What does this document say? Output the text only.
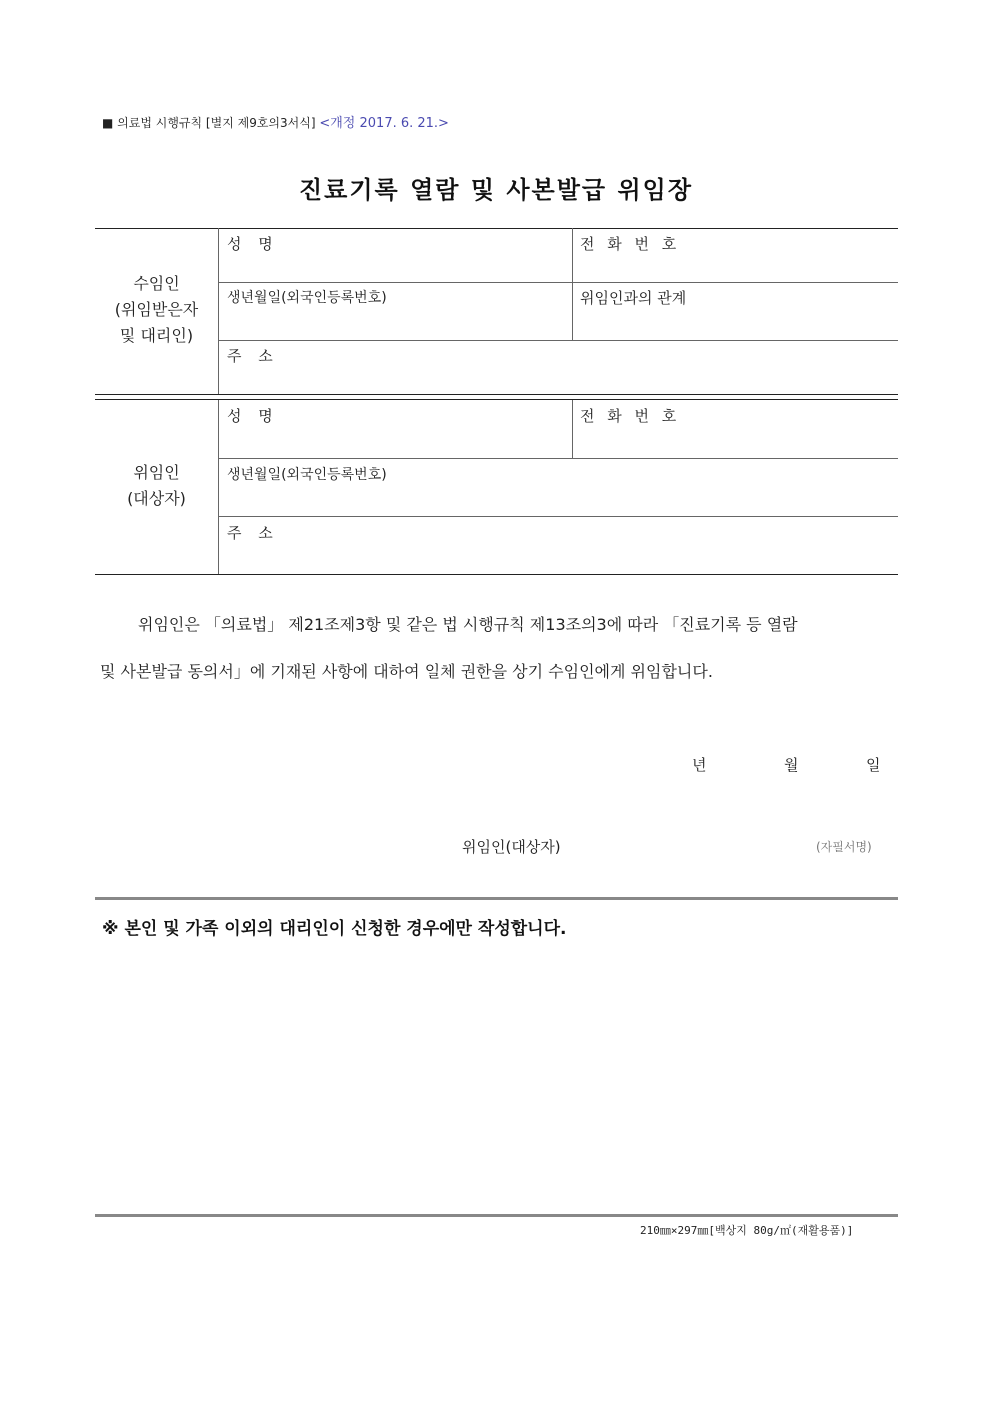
■ 의료법 시행규칙 [별지 제9호의3서식] <개정 2017. 6. 21.>
진료기록 열람 및 사본발급 위임장
수임인
(위임받은자
및 대리인)
성 명	전 화 번 호
생년월일(외국인등록번호)	위임인과의 관계
주 소
위임인
(대상자)
성 명	전 화 번 호
생년월일(외국인등록번호)
주 소
위임인은 「의료법」 제21조제3항 및 같은 법 시행규칙 제13조의3에 따라 「진료기록 등 열람
및 사본발급 동의서」에 기재된 사항에 대하여 일체 권한을 상기 수임인에게 위임합니다.
년	월	일
위임인(대상자)	(자필서명)
※ 본인 및 가족 이외의 대리인이 신청한 경우에만 작성합니다.
210㎜×297㎜[백상지 80g/㎡(재활용품)]
